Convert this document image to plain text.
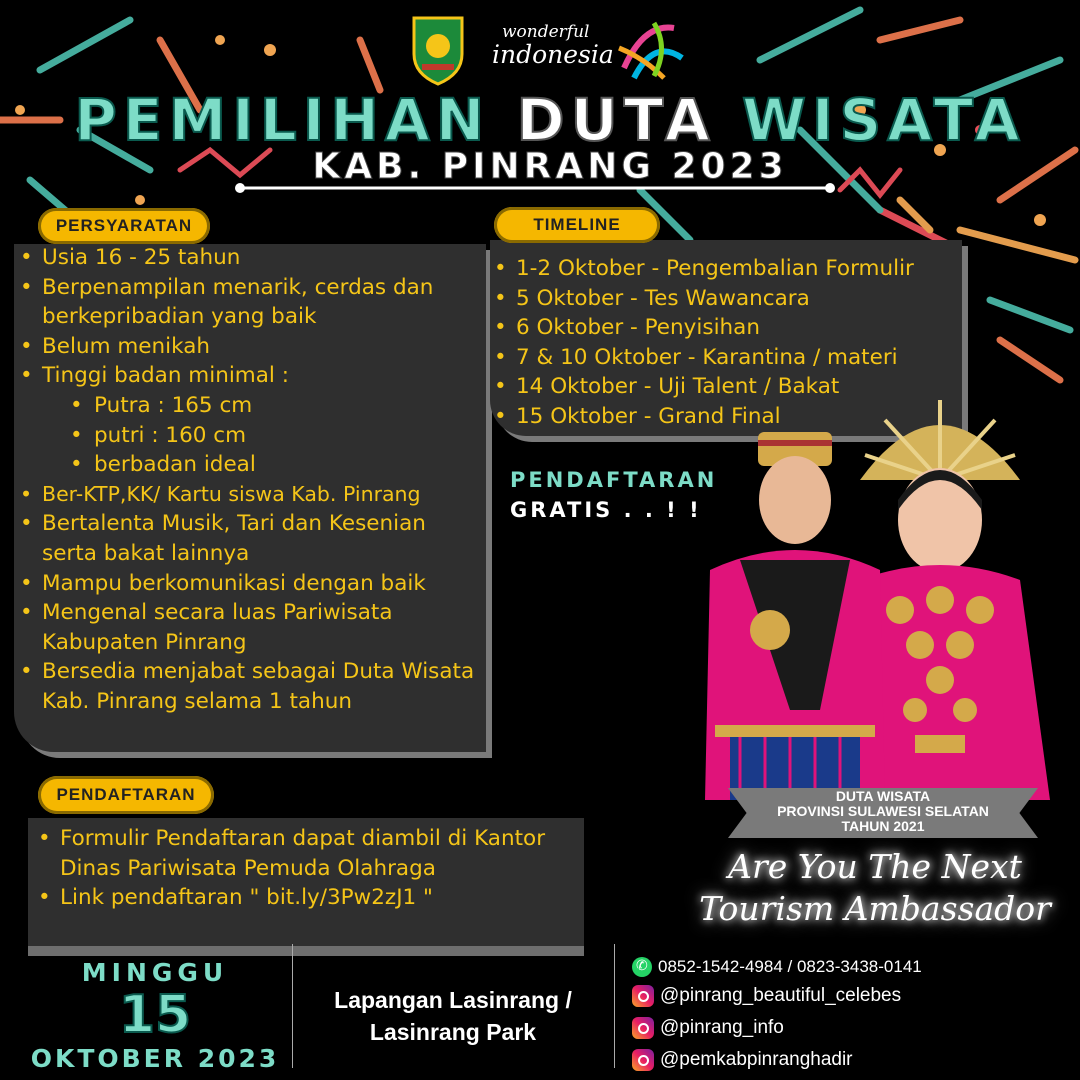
wonderful
indonesia
PEMILIHAN DUTA WISATA
KAB. PINRANG 2023
PERSYARATAN
• Usia 16 - 25 tahun
• Berpenampilan menarik, cerdas dan berkepribadian yang baik
• Belum menikah
• Tinggi badan minimal :
• Putra : 165 cm
• putri : 160 cm
• berbadan ideal
• Ber-KTP,KK/ Kartu siswa Kab. Pinrang
• Bertalenta Musik, Tari dan Kesenian serta bakat lainnya
• Mampu berkomunikasi dengan baik
• Mengenal secara luas Pariwisata Kabupaten Pinrang
• Bersedia menjabat sebagai Duta Wisata Kab. Pinrang selama 1 tahun
TIMELINE
• 1-2 Oktober - Pengembalian Formulir
• 5 Oktober - Tes Wawancara
• 6 Oktober - Penyisihan
• 7 & 10 Oktober - Karantina / materi
• 14 Oktober - Uji Talent / Bakat
• 15 Oktober - Grand Final
PENDAFTARAN
GRATIS . . ! !
DUTA WISATA
PROVINSI SULAWESI SELATAN
TAHUN 2021
Are You The Next
Tourism Ambassador
PENDAFTARAN
• Formulir Pendaftaran dapat diambil di Kantor Dinas Pariwisata Pemuda Olahraga
• Link pendaftaran " bit.ly/3Pw2zJ1 "
MINGGU
15
OKTOBER 2023
Lapangan Lasinrang /
Lasinrang Park
✆
0852-1542-4984 / 0823-3438-0141
@pinrang_beautiful_celebes
@pinrang_info
@pemkabpinranghadir
